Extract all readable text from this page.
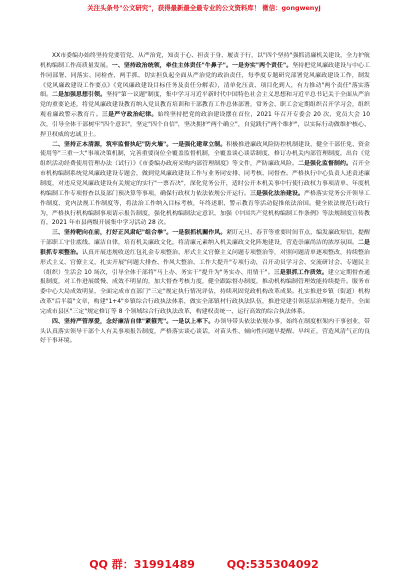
关注头条号"公文研究"，获得最新最全最专业的公文资料库！ 微信：gongwenyj

XX市委编办始终坚持党要管党、从严治党，知责于心、担责于身、履责于行，以"四个坚持"强抓清廉机关建设，全力护航机构编制工作高质量发展。一、坚持政治统领，牵住主体责任"牛鼻子"。一是夯实"两个责任"。坚持把党风廉政建设与中心工作同部署、同落实、同检查，两手抓、切实担负起全面从严治党的政治责任，每季度专题研究部署党风廉政建设工作，制发《党风廉政建设工作要点》《党风廉政建设目标任务及责任分解表》，清单化压责、项目化到人，有力推动"两个责任"落实落细。二是加强思想引领。坚持"第一议题"制度，集中学习习近平新时代中国特色社会主义思想和习近平总书记关于全面从严治党的重要论述，将党风廉政建设教育纳入党员教育培训和干部教育工作总体部署，常务会、职工会定期组织召开学习会，组织观看廉政警示教育片。三是严守政治纪律。始终坚持把党的政治建设摆在首位，2021 年召开专委会 20 次、党员大会 10 次，引导全体干部树牢"四个意识"，坚定"四个自信"，坚决拥护"两个确立"，自觉践行"两个维护"，以实际行动做维护核心、捍卫权威的忠诚卫士。

二、坚持正本清源，筑牢监督执纪"防火墙"。一是强化建章立制。积极推进廉政风险防控机制建设，健全干部任免、资金使用等"三重一大"事项决策机制，完善重要岗位全覆盖监督机制，全覆盖谈心谈话制度，修订办机关内部管理制度，出台《党组织活动经费使用管理办法（试行）》《市委编办政府采购内部管理制度》等文件，严防廉政风险。二是强化监督制约。召开全市机构编制系统党风廉政建设专题会，做到党风廉政建设工作与业务同安排、同考核、同督查。严格执行中心负责人述责述廉制度，对违反党风廉政建设有关规定的实行"一票否决"，深化党务公开，适时公开本机关事中行使行政权力事项清单、年度机构编制工作专项督查以及部门预决算等事项，确保行政权力依法依规公开运行。三是强化法治建设。严格落实党务公开领导工作制度、党内法规工作制度等，将法治工作纳入目标考核，年终述职、警示教育等活动促推依法治国。健全依法规范行政行为，严格执行机构编制事项请示报告制度，强化机构编制法定意识，加强《中国共产党机构编制工作条例》等法规制度宣传教育，2021 年市县两级开展集中学习活动 28 次。

三、坚持靶向在前，打好正风肃纪"组合拳"。一是狠抓机關作风。紧盯元旦、春节等重要时间节点，编发廉政短信，提醒干部职工守住底线、廉洁自律，培育机关廉政文化，将清廉元素纳入机关廉政文化阵地建设，营造崇廉尚洁的浓厚氛围。二是狠抓专项整治。认真开展违规收送红包礼金专项整治、形式主义官僚主义问题专项整治等，对照问题清单逐项整改，持续整治形式主义、官僚主义，扎实开展"问题大排查、作风大整治、工作大提升"专项行动，召开动员学习会、交流研讨会、专题民主（组织）生活会 10 场次，引导全体干部将"马上办、务实干"提升为"务实办、用情干"。三是狠抓工作质效。建立定期督查通报制度，对工作进展缓慢、成效不明显的，加大督查考核力度，健全跟踪督办制度，推动机构编制管理效能持续提升。服务市委中心大局成效明显，全面完成市直部门"三定"规定执行情况评估，持续巩固党政机构改革成果。扎实推进乡镇（街道）机构改革"后半篇"文章，构建"1+4"乡镇综合行政执法体系，做实全部镇村行政执法队伍，推进党建引领基层治理能力提升，全面完成市县区"三定"规定修订等 8 个领域综合行政执法改革，构建权责统一、运行高效的综合执法体系。

四、坚持严管厚爱，念好廉洁自律"紧箍咒"。一是以上率下。办领导带头依法依规办事，始终在制度框架内干事创业，带头认真落实领导干部个人有关事项报告制度，严格落实谈心谈话，对苗头性、倾向性问题早提醒、早纠正，营造风清气正的良好干事环境。

QQ 群：31991489	QQ:535304092
